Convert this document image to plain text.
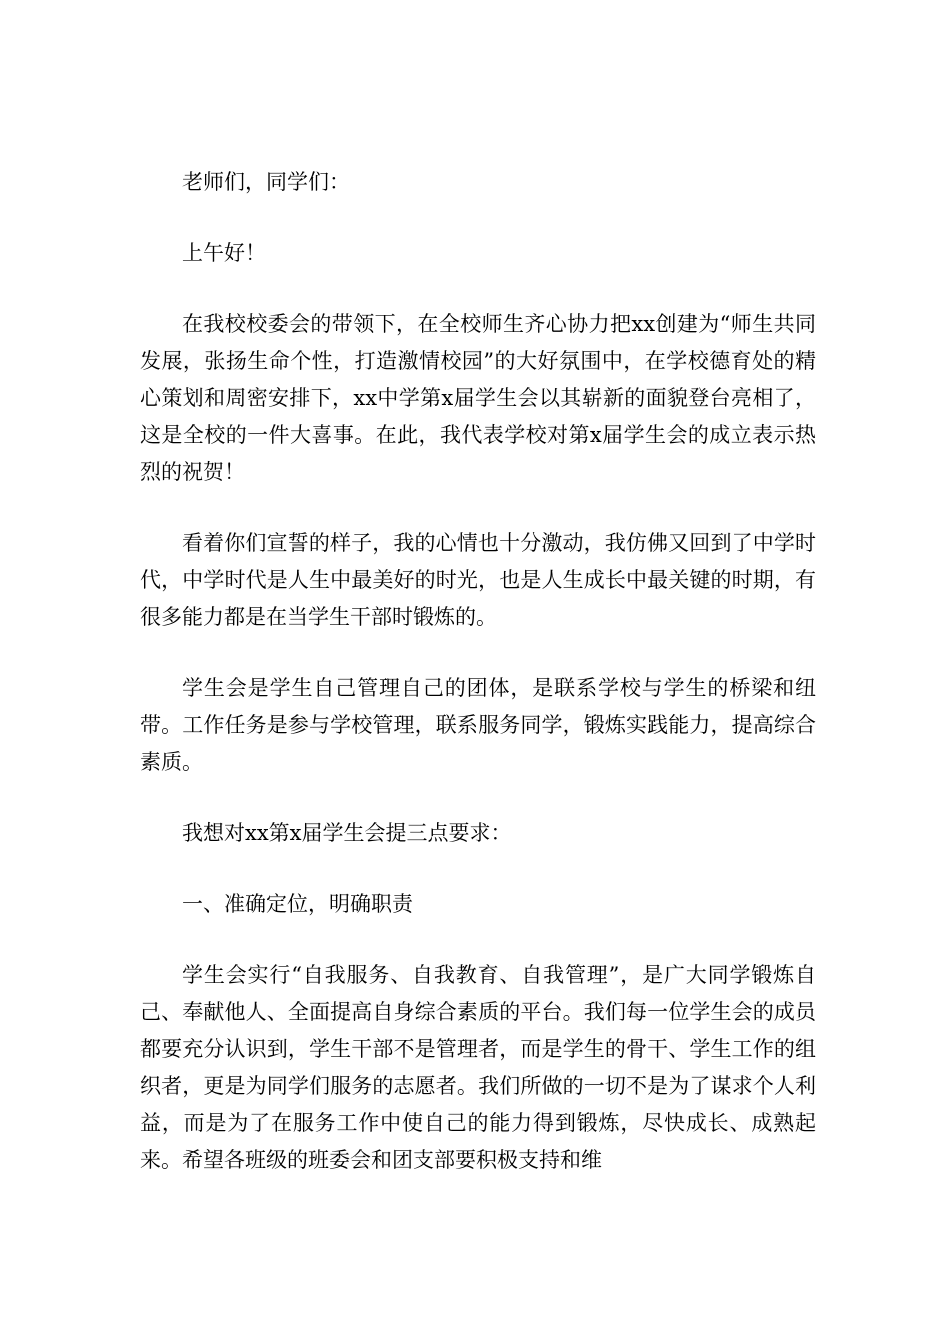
老师们，同学们：

上午好！

在我校校委会的带领下，在全校师生齐心协力把xx创建为“师生共同发展，张扬生命个性，打造激情校园”的大好氛围中，在学校德育处的精心策划和周密安排下，xx中学第x届学生会以其崭新的面貌登台亮相了，这是全校的一件大喜事。在此，我代表学校对第x届学生会的成立表示热烈的祝贺！

看着你们宣誓的样子，我的心情也十分激动，我仿佛又回到了中学时代，中学时代是人生中最美好的时光，也是人生成长中最关键的时期，有很多能力都是在当学生干部时锻炼的。

学生会是学生自己管理自己的团体，是联系学校与学生的桥梁和纽带。工作任务是参与学校管理，联系服务同学，锻炼实践能力，提高综合素质。

我想对xx第x届学生会提三点要求：

一、准确定位，明确职责

学生会实行“自我服务、自我教育、自我管理”，是广大同学锻炼自己、奉献他人、全面提高自身综合素质的平台。我们每一位学生会的成员都要充分认识到，学生干部不是管理者，而是学生的骨干、学生工作的组织者，更是为同学们服务的志愿者。我们所做的一切不是为了谋求个人利益，而是为了在服务工作中使自己的能力得到锻炼，尽快成长、成熟起来。希望各班级的班委会和团支部要积极支持和维
